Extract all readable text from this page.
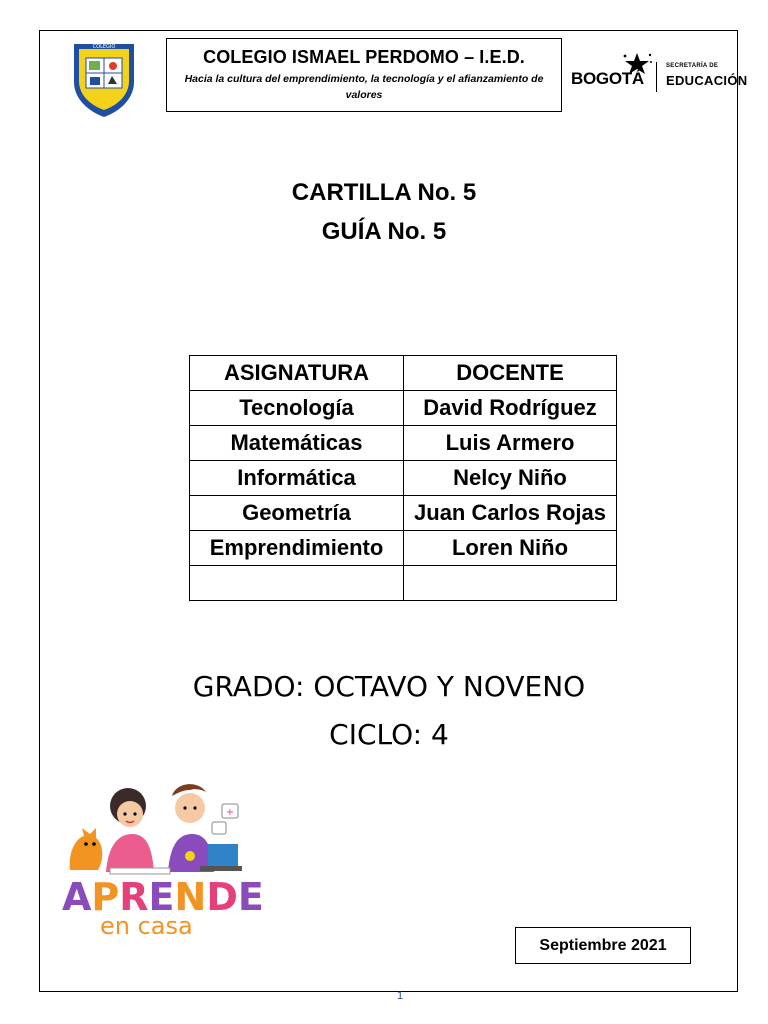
COLEGIO	COLEGIO ISMAEL PERDOMO – I.E.D.
Hacia la cultura del emprendimiento, la tecnología y el afianzamiento de valores
BOGOTÁ
SECRETARÍA DE
EDUCACIÓN
CARTILLA No. 5
GUÍA No. 5
ASIGNATURA	DOCENTE
Tecnología	David Rodríguez
Matemáticas	Luis Armero
Informática	Nelcy Niño
Geometría	Juan Carlos Rojas
Emprendimiento	Loren Niño

GRADO: OCTAVO Y NOVENO
CICLO: 4
+
APRENDE
en casa
Septiembre 2021
1
